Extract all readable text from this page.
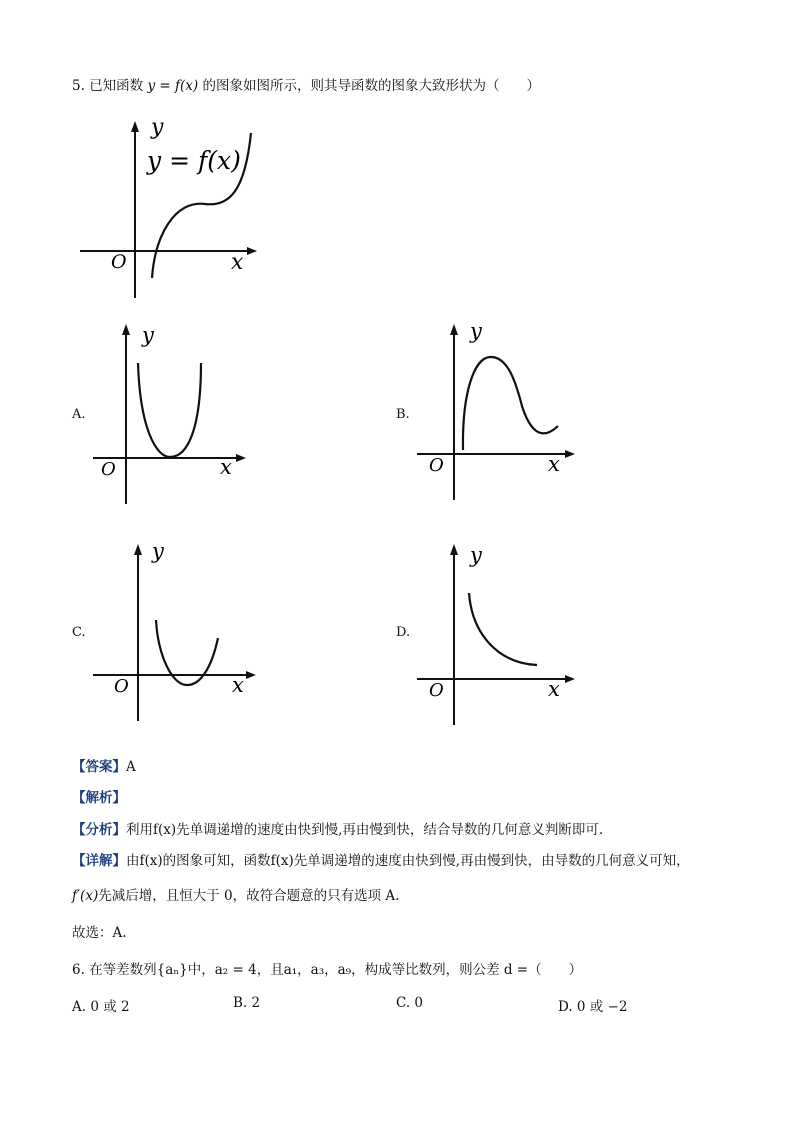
5. 已知函数 y = f(x) 的图象如图所示，则其导函数的图象大致形状为（　　）
y
y = f(x)
O	x
A.
y
O	x
B.
y
O	x
C.
y
O	x
D.
y
O	x
【答案】A
【解析】
【分析】利用f(x)先单调递增的速度由快到慢,再由慢到快，结合导数的几何意义判断即可.
【详解】由f(x)的图象可知，函数f(x)先单调递增的速度由快到慢,再由慢到快，由导数的几何意义可知，
f′(x)先减后增，且恒大于 0，故符合题意的只有选项 A.
故选：A.
6. 在等差数列{aₙ}中，a₂ = 4，且a₁，a₃，a₉，构成等比数列，则公差 d =（　　）
A. 0 或 2	B. 2	C. 0	D. 0 或 −2
